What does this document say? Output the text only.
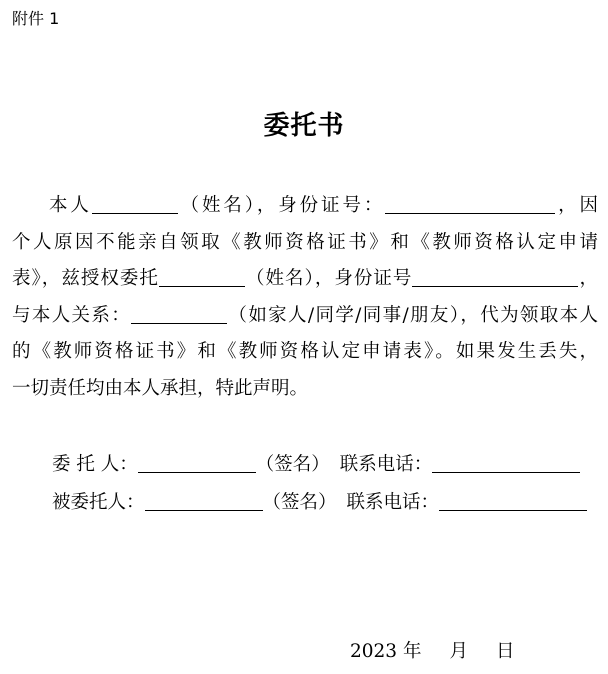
附件 1
委托书
本人	（姓名），身份证号：	，因
个人原因不能亲自领取《教师资格证书》和《教师资格认定申请
表》，兹授权委托	（姓名），身份证号	，
与本人关系：	（如家人/同学/同事/朋友），代为领取本人
的《教师资格证书》和《教师资格认定申请表》。如果发生丢失，
一切责任均由本人承担，特此声明。
委 托 人：	（签名） 联系电话：
被委托人：	（签名） 联系电话：
2023 年 月 日
